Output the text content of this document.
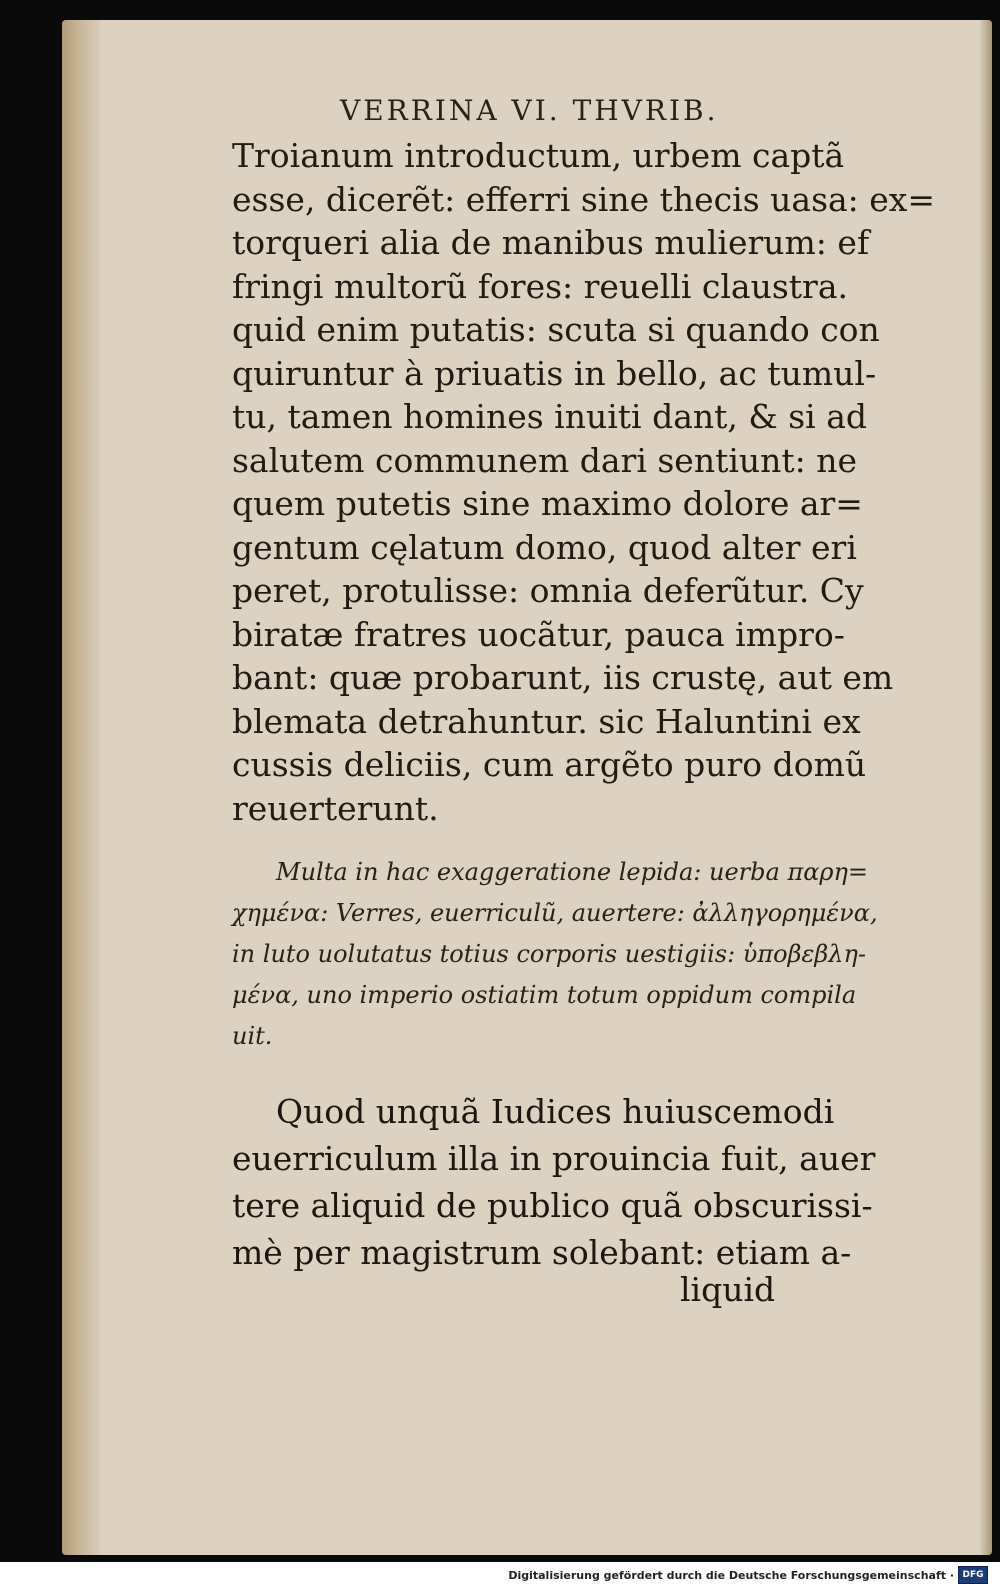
VERRINA VI. THVRIB.
Troianum introductum, urbem captã
esse, dicerẽt: efferri sine thecis uasa: ex=
torqueri alia de manibus mulierum: ef
fringi multorũ fores: reuelli claustra.
quid enim putatis: scuta si quando con
quiruntur à priuatis in bello, ac tumul-
tu, tamen homines inuiti dant, & si ad
salutem communem dari sentiunt: ne
quem putetis sine maximo dolore ar=
gentum cęlatum domo, quod alter eri
peret, protulisse: omnia deferũtur. Cy
biratæ fratres uocãtur, pauca impro-
bant: quæ probarunt, iis crustę, aut em
blemata detrahuntur. sic Haluntini ex
cussis deliciis, cum argẽto puro domũ
reuerterunt.
Multa in hac exaggeratione lepida: uerba παρη=
χημένα: Verres, euerriculũ, auertere: ἀλληγορημένα,
in luto uolutatus totius corporis uestigiis: ὑποβεβλη-
μένα, uno imperio ostiatim totum oppidum compila
uit.
Quod unquã Iudices huiuscemodi
euerriculum illa in prouincia fuit, auer
tere aliquid de publico quã obscurissi-
mè per magistrum solebant: etiam a-
liquid
Digitalisierung gefördert durch die Deutsche Forschungsgemeinschaft · DFG
